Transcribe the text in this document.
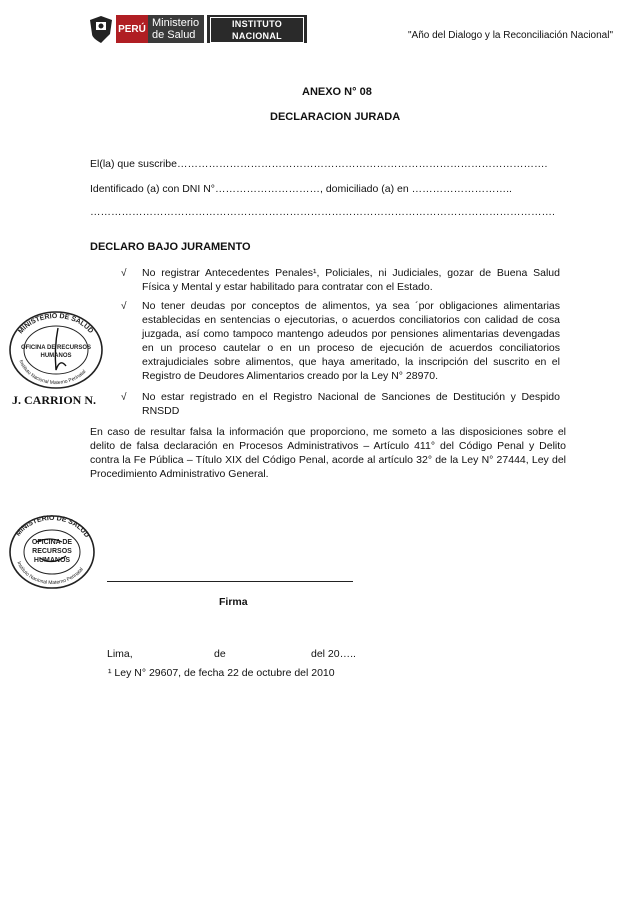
PERÚ Ministerio
de Salud
INSTITUTO NACIONAL
MATERNO PERINATAL
"Año del Dialogo y la Reconciliación Nacional"
ANEXO N° 08
DECLARACION JURADA
El(la) que suscribe…………………………………………………………………………………………….
Identificado (a) con DNI N°…………………………, domiciliado (a) en ………………………..
…………………………………………………………………………………………………………………….
DECLARO BAJO JURAMENTO
√ No registrar Antecedentes Penales¹, Policiales, ni Judiciales, gozar de Buena Salud Física y Mental y estar habilitado para contratar con el Estado.
√ No tener deudas por conceptos de alimentos, ya sea ´por obligaciones alimentarias establecidas en sentencias o ejecutorias, o acuerdos conciliatorios con calidad de cosa juzgada, así como tampoco mantengo adeudos por pensiones alimentarias devengadas en un proceso cautelar o en un proceso de ejecución de acuerdos conciliatorios extrajudiciales sobre alimentos, que haya ameritado, la inscripción del suscrito en el Registro de Deudores Alimentarios creado por la Ley N° 28970.
√ No estar registrado en el Registro Nacional de Sanciones de Destitución y Despido RNSDD
En caso de resultar falsa la información que proporciono, me someto a las disposiciones sobre el delito de falsa declaración en Procesos Administrativos – Artículo 411° del Código Penal y Delito contra la Fe Pública – Título XIX del Código Penal, acorde al artículo 32° de la Ley N° 27444, Ley del Procedimiento Administrativo General.
MINISTERIO DE SALUD
Instituto Nacional Materno Perinatal
OFICINA DE RECURSOS
HUMANOS
J. CARRION N.
MINISTERIO DE SALUD
Instituto Nacional Materno Perinatal
OFICINA DE
RECURSOS
HUMANOS
Firma
Lima,	de	del 20…..
¹ Ley N° 29607, de fecha 22 de octubre del 2010
